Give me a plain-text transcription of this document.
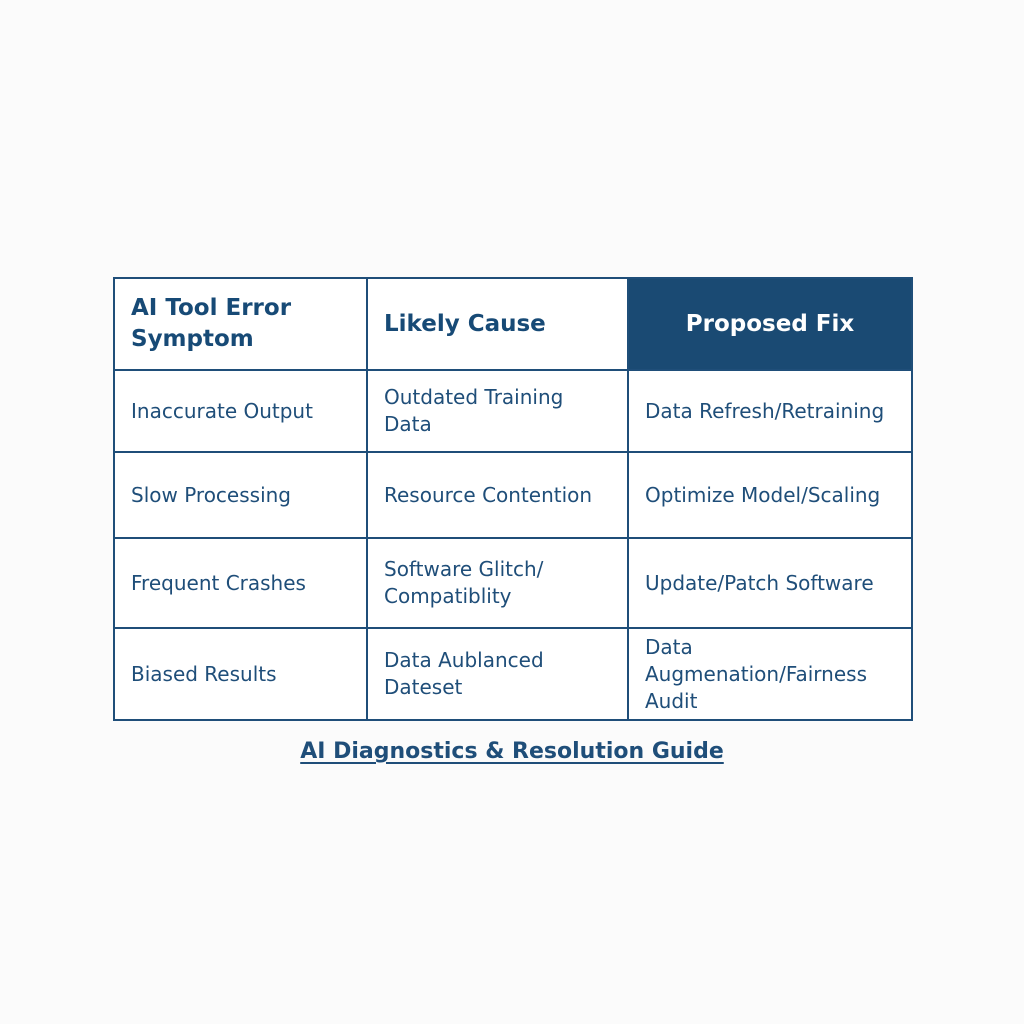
AI Tool Error Symptom	Likely Cause	Proposed Fix
Inaccurate Output	Outdated Training Data	Data Refresh/Retraining
Slow Processing	Resource Contention	Optimize Model/Scaling
Frequent Crashes	Software Glitch/ Compatiblity	Update/Patch Software
Biased Results	Data Aublanced Dateset	Data Augmenation/Fairness Audit
AI Diagnostics & Resolution Guide
